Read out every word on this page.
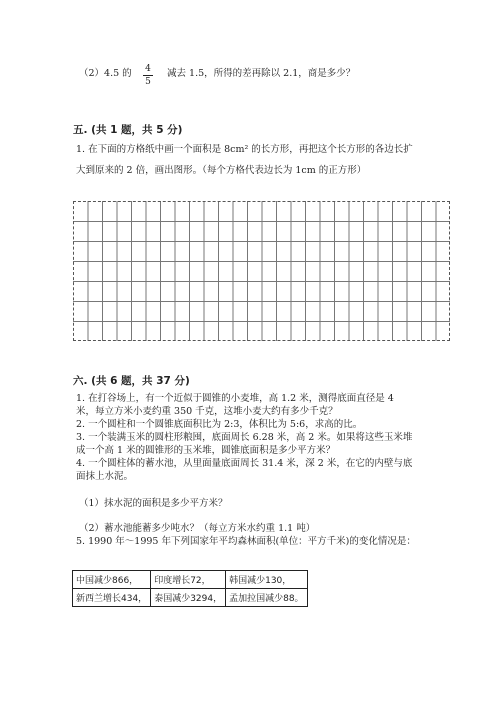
（2）4.5 的	4
5
减去 1.5，所得的差再除以 2.1，商是多少？
五. (共 1 题，共 5 分)
1. 在下面的方格纸中画一个面积是 8cm² 的长方形，再把这个长方形的各边长扩
大到原来的 2 倍，画出图形。（每个方格代表边长为 1cm 的正方形）
六. (共 6 题，共 37 分)
1. 在打谷场上，有一个近似于圆锥的小麦堆，高 1.2 米，测得底面直径是 4
米，每立方米小麦约重 350 千克，这堆小麦大约有多少千克？
2. 一个圆柱和一个圆锥底面积比为 2:3，体积比为 5:6，求高的比。
3. 一个装满玉米的圆柱形粮囤，底面周长 6.28 米，高 2 米。如果将这些玉米堆
成一个高 1 米的圆锥形的玉米堆，圆锥底面积是多少平方米？
4. 一个圆柱体的蓄水池，从里面量底面周长 31.4 米，深 2 米，在它的内壁与底
面抹上水泥。
（1）抹水泥的面积是多少平方米？
（2）蓄水池能蓄多少吨水？（每立方米水约重 1.1 吨）
5. 1990 年～1995 年下列国家年平均森林面积(单位：平方千米)的变化情况是：
中国减少866，	印度增长72，	韩国减少130，
新西兰增长434，	泰国减少3294，	孟加拉国减少88。
